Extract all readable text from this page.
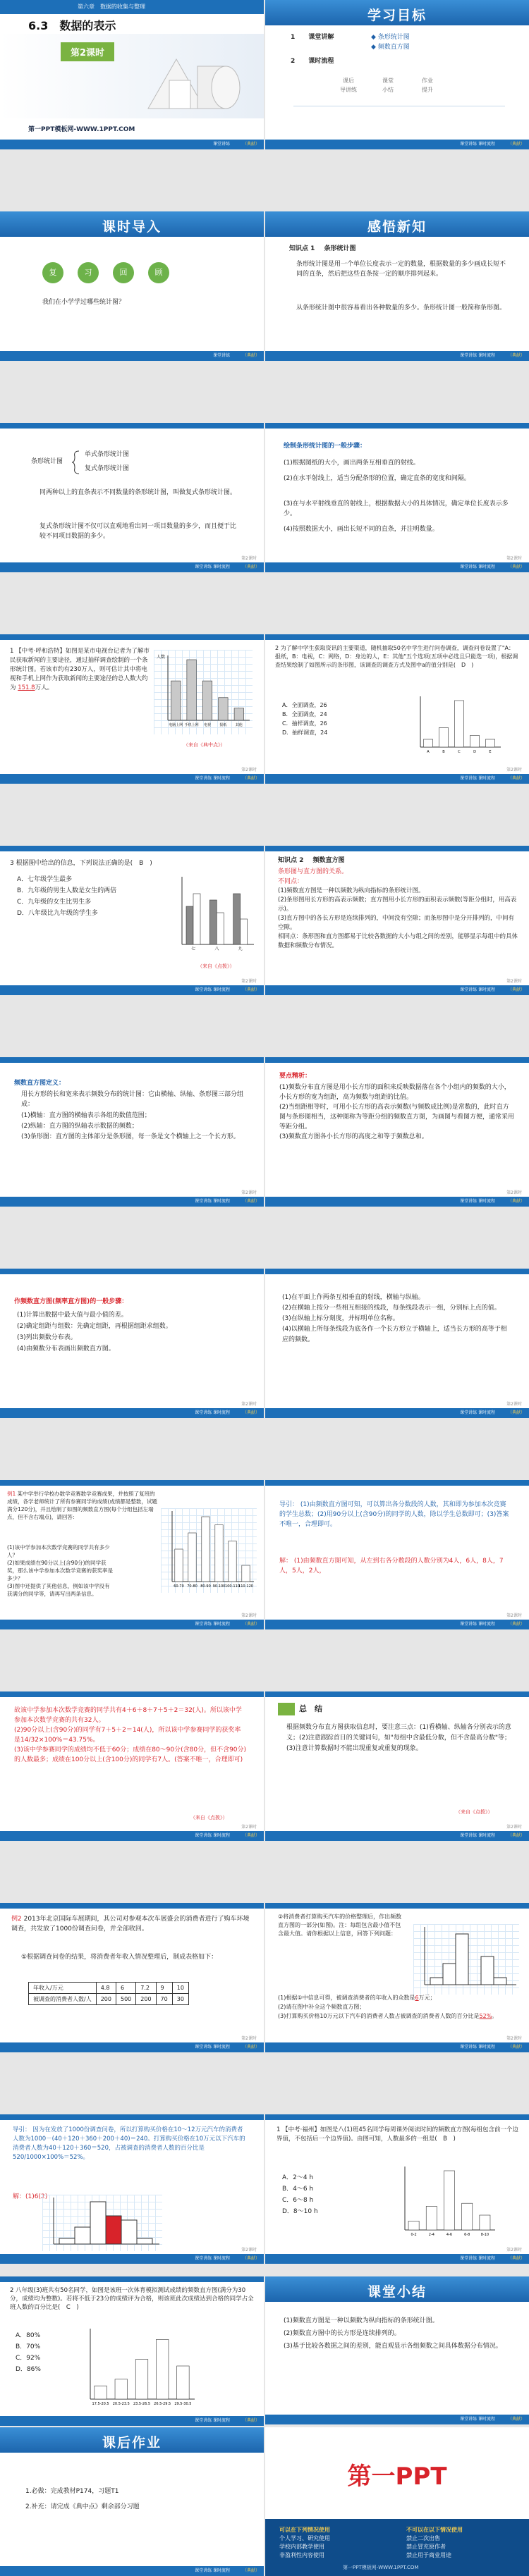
第六章　数据的收集与整理
6.3　数据的表示
第2课时
第一PPT模板网-WWW.1PPT.COM
课堂讲练	（典献）
学习目标
1 课堂讲解	◆ 条形统计图
◆ 频数直方图
2 课时流程
课后	课堂	作业
导讲练	小结	提升
课堂讲练 课时流程	（典献）
课时导入
复	习	回	顾
我们在小学学过哪些统计图？
课堂讲练	（典献）
感悟新知
知识点 1 条形统计图
条形统计图是用一个单位长度表示一定的数量，根据数量的多少画成长短不同的直条，然后把这些直条按一定的顺序排列起来。
从条形统计图中很容易看出各种数量的多少。条形统计图一般简称条形图。
课堂讲练 课时流程	（典献）
第2课时
条形统计图
单式条形统计图
复式条形统计图
同两种以上的直条表示不同数量的条形统计图，叫做复式条形统计图。
复式条形统计图不仅可以直观地看出同一项目数量的多少，而且便于比较不同项目数据的多少。
课堂讲练 课时流程	（典献）
第2课时
绘制条形统计图的一般步骤：
(1)根据图纸的大小，画出两条互相垂直的射线。
(2)在水平射线上，适当分配条形的位置，确定直条的宽度和间隔。
(3)在与水平射线垂直的射线上，根据数据大小的具体情况，确定单位长度表示多少。
(4)按照数据大小，画出长短不同的直条，并注明数量。
课堂讲练 课时流程	（典献）
第2课时
1 【中考·呼和浩特】如图是某市电视台记者为了解市民获取新闻的主要途径，通过抽样调查绘制的一个条形统计图。若该市约有230万人，则可估计其中将电视和手机上网作为获取新闻的主要途径的总人数大约为 151.8万人。
人数
电脑上网 手机上网 电视 报纸 其他
（来自《典中点》）
课堂讲练 课时流程	（典献）
第2课时
2 为了解中学生获取资讯的主要渠道，随机抽取50名中学生进行问卷调查，调查问卷设置了"A：报纸，B：电视，C：网络，D：身边的人，E：其他"五个选项(五项中必选且只能选一项)，根据调查结果绘制了如图所示的条形图，该调查的调查方式及图中a的值分别是(　D　)
A．全面调查，26
B．全面调查，24
C．抽样调查，26
D．抽样调查，24
A	B	C	D	E
课堂讲练 课时流程	（典献）
第2课时
3 根据图中给出的信息，下列说法正确的是(　B　)
A．七年级学生最多
B．九年级的男生人数是女生的两倍
C．九年级的女生比男生多
D．八年级比九年级的学生多
七	八	九
（来自《点拨》）
课堂讲练 课时流程	（典献）
第2课时
知识点 2 频数直方图
条形图与直方图的关系。
不同点：
(1)频数直方图是一种以频数为纵向指标的条形统计图。
(2)条形图用长方形的高表示频数；直方图用小长方形的面积表示频数(等距分组时，用高表示)。
(3)直方图中的各长方形是连续排列的，中间没有空隙；而条形图中是分开排列的，中间有空隙。
相同点：条形图和直方图都易于比较各数据的大小与组之间的差别，能够显示每组中的具体数据和频数分布情况。
课堂讲练 课时流程	（典献）
第2课时
频数直方图定义：
用长方形的长和宽来表示频数分布的统计图：它由横轴、纵轴、条形图三部分组成：
(1)横轴：直方图的横轴表示各组的数值范围；
(2)纵轴：直方图的纵轴表示数据的频数；
(3)条形图：直方图的主体部分是条形图，每一条是文个横轴上之一个长方形。
课堂讲练 课时流程	（典献）
第2课时
要点精析：
(1)频数分布直方图是用小长方形的面积来反映数据落在各个小组内的频数的大小，小长方形的宽为组距，高为频数与组距的比值。
(2)当组距相等时，可用小长方形的高表示频数(与频数成比例)是常数的，此时直方图与条形图相当，这种图称为等距分组的频数直方图，为画图与看图方便，通常采用等距分组。
(3)频数直方图各小长方形的高度之和等于频数总和。
课堂讲练 课时流程	（典献）
第2课时
作频数直方图(频率直方图)的一般步骤：
(1)计算出数据中最大值与最小值的差。
(2)确定组距与组数：先确定组距，再根据组距求组数。
(3)列出频数分布表。
(4)由频数分布表画出频数直方图。
课堂讲练 课时流程	（典献）
第2课时
(1)在平面上作两条互相垂直的射线，横轴与纵轴。
(2)在横轴上按分一些相互相接的线段，每条线段表示一组，分别标上点的值。
(3)在纵轴上标分刻度，并标明单位名称。
(4)以横轴上所每条线段为底各作一个长方形立于横轴上，适当长方形的高等于相应的频数。
课堂讲练 课时流程	（典献）
第2课时
例1 某中学举行学校办数学竞赛数学竞赛成果，并按照了复班的成绩，各学老师统计了所有参赛同学的成绩(成绩都是整数，试题满分120分)，并且绘制了如图的频数直方图(每个分组包括左端点，但不含右端点)，请回答：
(1)该中学参加本次数学竞赛的同学共有多少人？
(2)如果成绩在90分以上(含90分)的同学获奖，那么该中学参加本次数学竞赛的获奖率是多少？
(3)图中还提供了其他信息，例如该中学没有获满分的同学等，请再写出两条信息。
60-70 70-80 80-90 90-100 100-110
110-120
课堂讲练 课时流程	（典献）
第2课时
导引： (1)由频数直方图可知，可以算出各分数段的人数，其和即为参加本次竞赛的学生总数；(2)用90分以上(含90分)的同学的人数，除以学生总数即可；(3)答案不唯一，合理即可。
解： (1)由频数直方图可知，从左到右各分数段的人数分别为4人，6人，8人，7人，5人，2人，
课堂讲练 课时流程	（典献）
第2课时
故该中学参加本次数学竞赛的同学共有4＋6＋8＋7＋5＋2＝32(人)。所以该中学参加本次数学竞赛的共有32人。
(2)90分以上(含90分)的同学有7＋5＋2＝14(人)，所以该中学参赛同学的获奖率是14/32×100%＝43.75%。
(3)该中学参赛同学的成绩均不低于60分；成绩在80～90分(含80分，但不含90分)的人数最多；成绩在100分以上(含100分)的同学有7人。(答案不唯一，合理即可)
（来自《点拨》）
课堂讲练 课时流程	（典献）
第2课时
总　结
根据频数分布直方图获取信息时，要注意三点：(1)看横轴、纵轴各分别表示的意义；(2)注意跟踪首日的关键词句，如"每组中含最低分数，但不含最高分数"等；(3)注意计算数据时不能出现重复或重复的现象。
（来自《点拨》）
课堂讲练 课时流程	（典献）
第2课时
例2 2013年北京国际车展期间，其公司对参观本次车展盛会的消费者进行了购车环境调查，共发放了1000份调查问卷，并全部收回。
①根据调查问卷的结果，将消费者年收入情况整理后，制成表格如下：
年收入/万元	4.8	6	7.2	9	10
被调查的消费者人数/人	200	500	200	70	30
课堂讲练 课时流程	（典献）
第2课时
②将消费者打算购买汽车的价格整理后，作出频数直方图的一部分(如图)。注：每组包含最小值不包含最大值。请你根据以上信息，回答下列问题：
(1)根据①中信息可得，被调查消费者的年收入的众数是6万元；
(2)请在图中补全这个频数直方图；
(3)打算购买价格10万元以下汽车的消费者人数占被调查的消费者人数的百分比是52%。
课堂讲练 课时流程	（典献）
第2课时
导引： 因为在发放了1000份调查问卷，所以打算购买价格在10～12万元汽车的消费者人数为1000－(40＋120＋360＋200＋40)＝240。打算购买价格在10万元以下汽车的消费者人数为40＋120＋360＝520，占被调查的消费者人数的百分比是 520/1000×100%＝52%。
解：(1)6(2)
课堂讲练 课时流程	（典献）
第2课时
1 【中考·福州】如图是八(1)班45名同学每周课外阅读时间的频数直方图(每组包含前一个边界值，不包括后一个边界值)。由图可知，人数最多的一组是(　B　)
A．2～4 h
B．4～6 h
C．6～8 h
D．8～10 h
0-2	2-4	4-6	6-8	8-10
课堂讲练 课时流程	（典献）
2 八年级(3)班共有50名同学，如图是该班一次体育模拟测试成绩的频数直方图(满分为30分，成绩均为整数)。若将不低于23分的成绩评为合格，则该班此次成绩达到合格的同学占全班人数的百分比是(　C　)
A．80%
B．70%
C．92%
D．86%
17.5-20.5 20.5-23.5 23.5-26.5 26.5-29.5 29.5-30.5
课堂讲练 课时流程	（典献）
课堂小结
(1)频数直方图是一种以频数为纵向指标的条形统计图。
(2)频数直方图中的长方形是连续排列的。
(3)基于比较各数据之间的差别，能直观显示各组频数之间具体数据分布情况。
课堂讲练 课时流程	（典献）
课后作业
1.必做：完成教材P174，习题T1
2.补充：请完成《典中点》剩余部分习题
课堂讲练 课时流程	（典献）
第一PPT
可以在下列情况使用
个人学习、研究使用
学校内部教学使用
非盈利性内容使用
不可以在以下情况使用
禁止二次出售
禁止冒充原作者
禁止用于商业用途
第一PPT模板网-WWW.1PPT.COM
